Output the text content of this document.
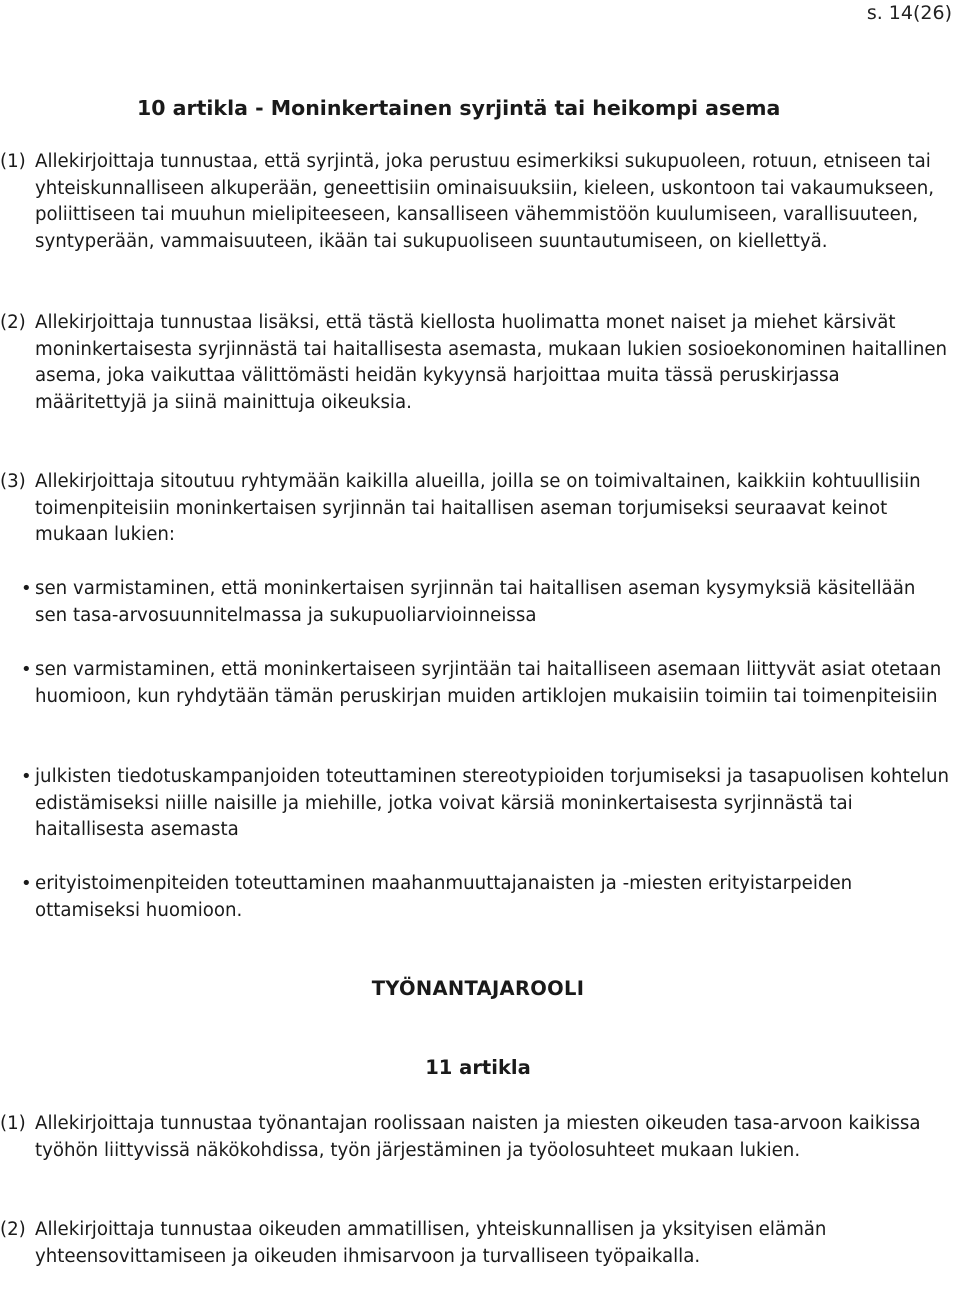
s. 14(26)
10 artikla - Moninkertainen syrjintä tai heikompi asema
(1) Allekirjoittaja tunnustaa, että syrjintä, joka perustuu esimerkiksi sukupuoleen, rotuun, etniseen tai yhteiskunnalliseen alkuperään, geneettisiin ominaisuuksiin, kieleen, uskontoon tai vakaumukseen, poliittiseen tai muuhun mielipiteeseen, kansalliseen vähemmistöön kuulumiseen, varallisuuteen, syntyperään, vammaisuuteen, ikään tai sukupuoliseen suuntautumiseen, on kiellettyä.
(2) Allekirjoittaja tunnustaa lisäksi, että tästä kiellosta huolimatta monet naiset ja miehet kärsivät moninkertaisesta syrjinnästä tai haitallisesta asemasta, mukaan lukien sosioekonominen haitallinen asema, joka vaikuttaa välittömästi heidän kykyynsä harjoittaa muita tässä peruskirjassa määritettyjä ja siinä mainittuja oikeuksia.
(3) Allekirjoittaja sitoutuu ryhtymään kaikilla alueilla, joilla se on toimivaltainen, kaikkiin kohtuullisiin toimenpiteisiin moninkertaisen syrjinnän tai haitallisen aseman torjumiseksi seuraavat keinot mukaan lukien:
• sen varmistaminen, että moninkertaisen syrjinnän tai haitallisen aseman kysymyksiä käsitellään sen tasa-arvosuunnitelmassa ja sukupuoliarvioinneissa
• sen varmistaminen, että moninkertaiseen syrjintään tai haitalliseen asemaan liittyvät asiat otetaan huomioon, kun ryhdytään tämän peruskirjan muiden artiklojen mukaisiin toimiin tai toimenpiteisiin
• julkisten tiedotuskampanjoiden toteuttaminen stereotypioiden torjumiseksi ja tasapuolisen kohtelun edistämiseksi niille naisille ja miehille, jotka voivat kärsiä moninkertaisesta syrjinnästä tai haitallisesta asemasta
• erityistoimenpiteiden toteuttaminen maahanmuuttajanaisten ja -miesten erityistarpeiden ottamiseksi huomioon.
TYÖNANTAJAROOLI
11 artikla
(1) Allekirjoittaja tunnustaa työnantajan roolissaan naisten ja miesten oikeuden tasa-arvoon kaikissa työhön liittyvissä näkökohdissa, työn järjestäminen ja työolosuhteet mukaan lukien.
(2) Allekirjoittaja tunnustaa oikeuden ammatillisen, yhteiskunnallisen ja yksityisen elämän yhteensovittamiseen ja oikeuden ihmisarvoon ja turvalliseen työpaikalla.
